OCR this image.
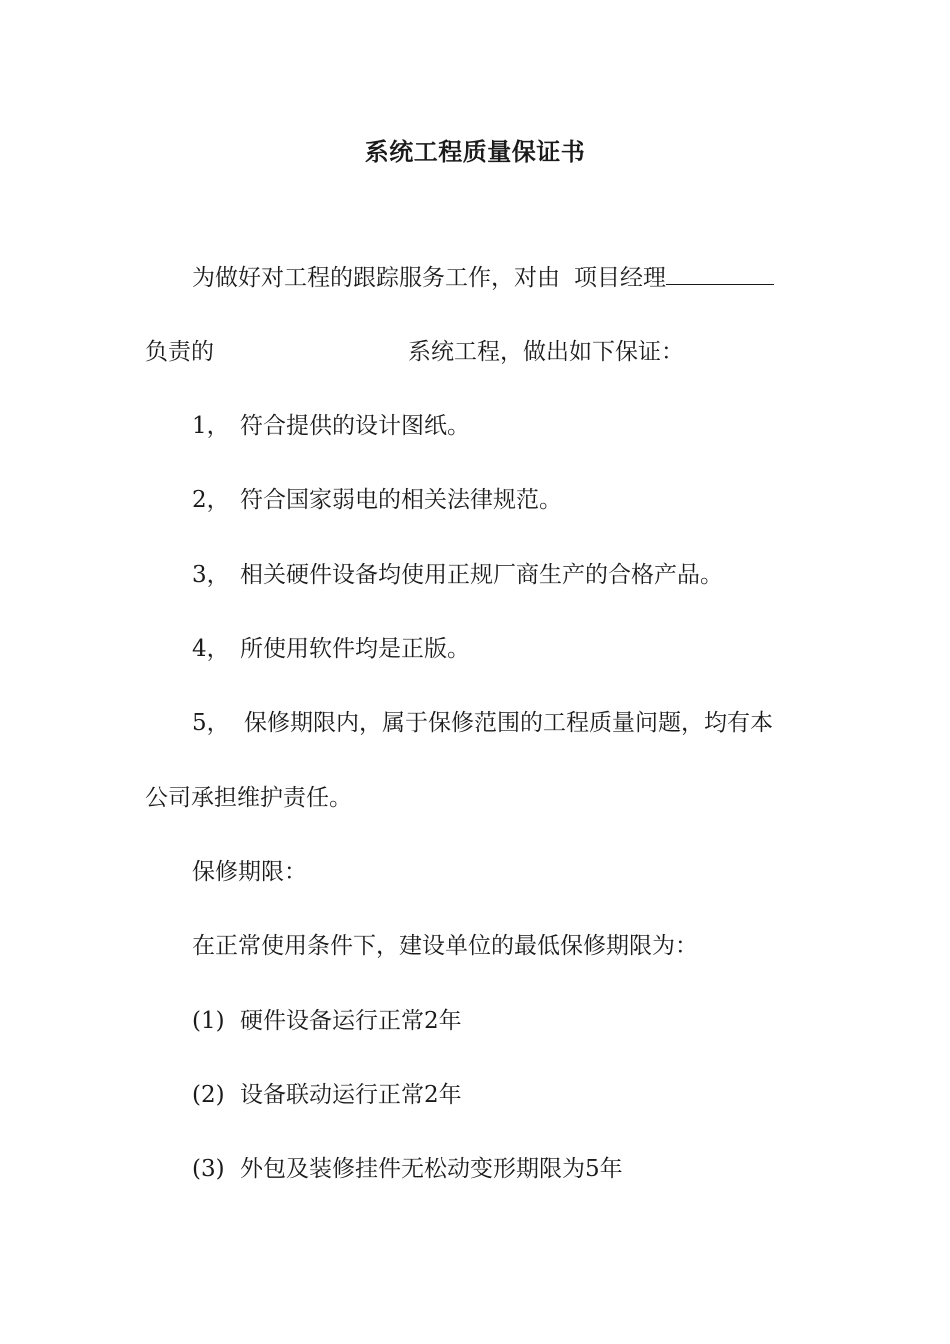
系统工程质量保证书
为做好对工程的跟踪服务工作，对由 项目经理
负责的	系统工程，做出如下保证：
1， 符合提供的设计图纸。
2， 符合国家弱电的相关法律规范。
3， 相关硬件设备均使用正规厂商生产的合格产品。
4， 所使用软件均是正版。
5， 保修期限内，属于保修范围的工程质量问题，均有本
公司承担维护责任。
保修期限：
在正常使用条件下，建设单位的最低保修期限为：
(1) 硬件设备运行正常2年
(2) 设备联动运行正常2年
(3) 外包及装修挂件无松动变形期限为5年
